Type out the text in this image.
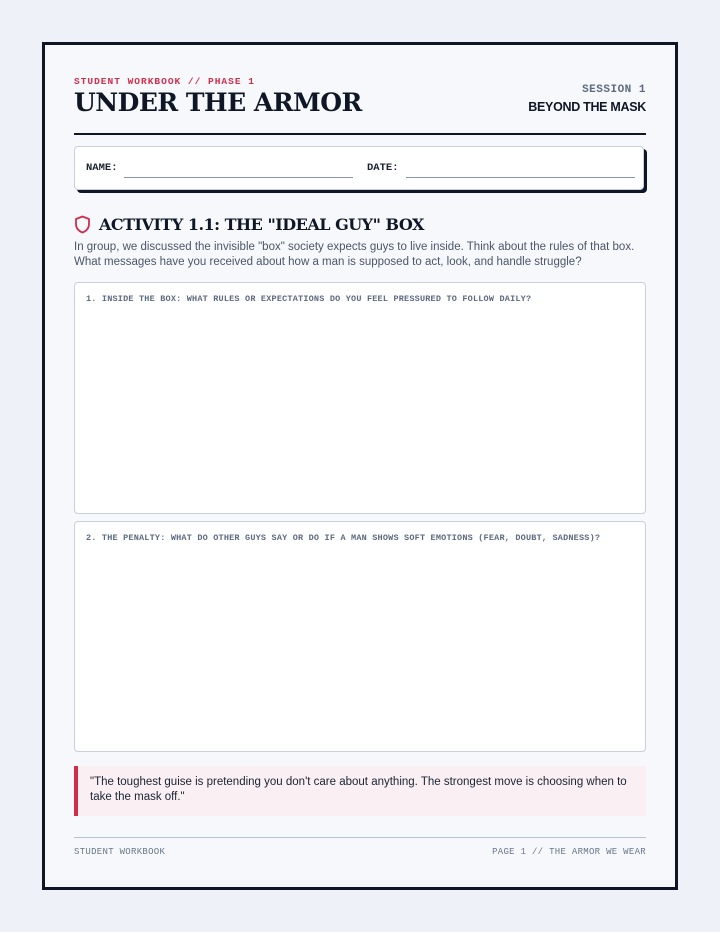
STUDENT WORKBOOK // PHASE 1
UNDER THE ARMOR	SESSION 1
BEYOND THE MASK
NAME:	DATE:
ACTIVITY 1.1: THE "IDEAL GUY" BOX
In group, we discussed the invisible "box" society expects guys to live inside. Think about the rules of that box. What messages have you received about how a man is supposed to act, look, and handle struggle?
1. INSIDE THE BOX: WHAT RULES OR EXPECTATIONS DO YOU FEEL PRESSURED TO FOLLOW DAILY?
2. THE PENALTY: WHAT DO OTHER GUYS SAY OR DO IF A MAN SHOWS SOFT EMOTIONS (FEAR, DOUBT, SADNESS)?
"The toughest guise is pretending you don't care about anything. The strongest move is choosing when to take the mask off."
STUDENT WORKBOOK	PAGE 1 // THE ARMOR WE WEAR
